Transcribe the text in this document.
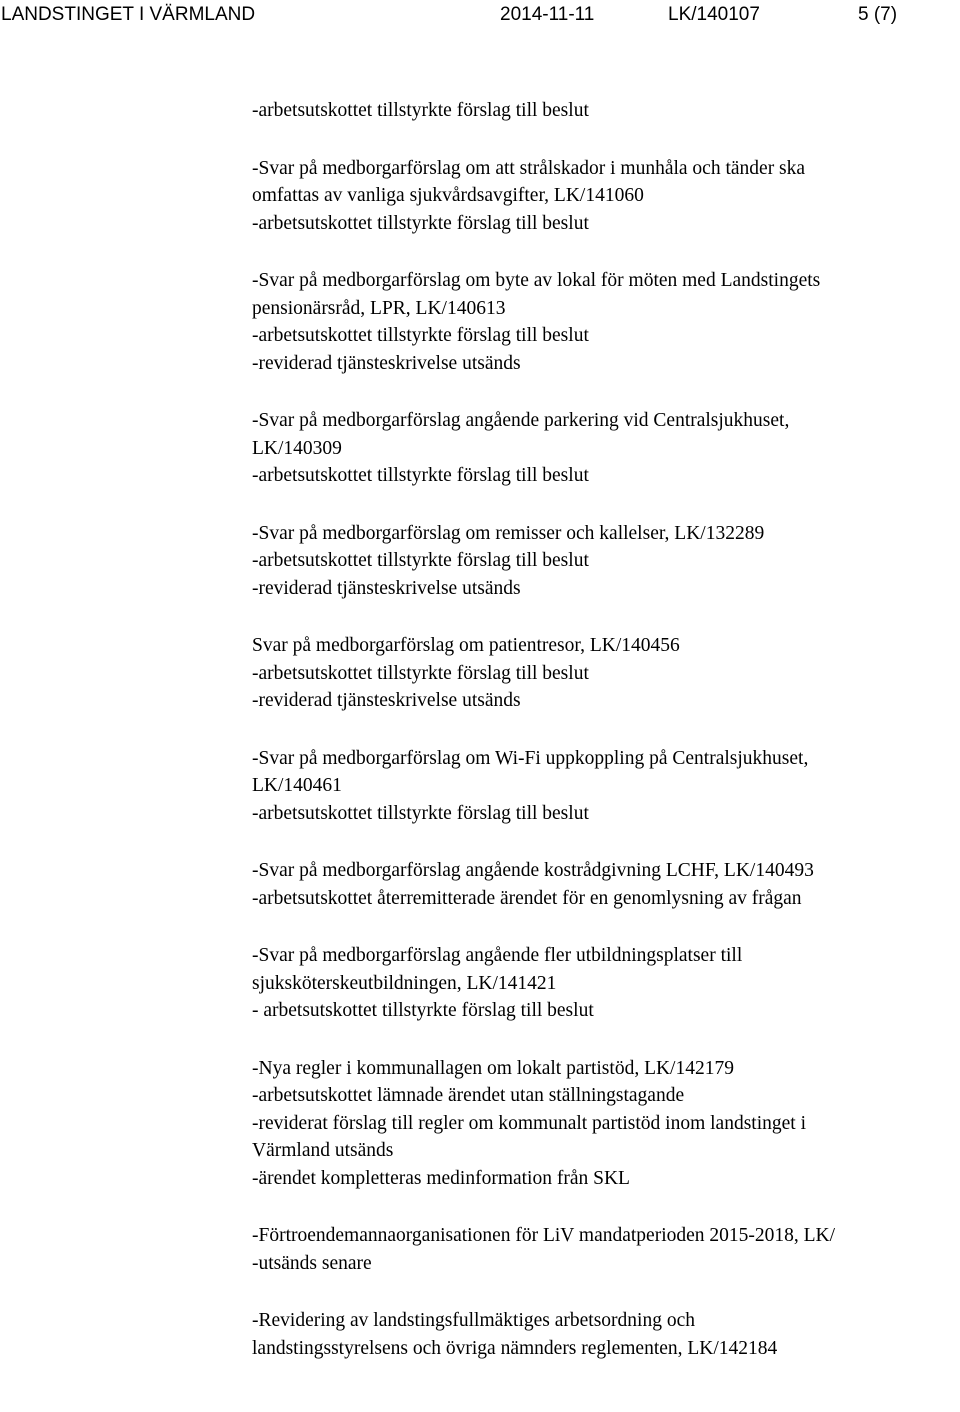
LANDSTINGET I VÄRMLAND	2014-11-11	LK/140107	5 (7)
-arbetsutskottet tillstyrkte förslag till beslut
-Svar på medborgarförslag om att strålskador i munhåla och tänder ska
omfattas av vanliga sjukvårdsavgifter, LK/141060
-arbetsutskottet tillstyrkte förslag till beslut
-Svar på medborgarförslag om byte av lokal för möten med Landstingets
pensionärsråd, LPR, LK/140613
-arbetsutskottet tillstyrkte förslag till beslut
-reviderad tjänsteskrivelse utsänds
-Svar på medborgarförslag angående parkering vid Centralsjukhuset,
LK/140309
-arbetsutskottet tillstyrkte förslag till beslut
-Svar på medborgarförslag om remisser och kallelser, LK/132289
-arbetsutskottet tillstyrkte förslag till beslut
-reviderad tjänsteskrivelse utsänds
Svar på medborgarförslag om patientresor, LK/140456
-arbetsutskottet tillstyrkte förslag till beslut
-reviderad tjänsteskrivelse utsänds
-Svar på medborgarförslag om Wi-Fi uppkoppling på Centralsjukhuset,
LK/140461
-arbetsutskottet tillstyrkte förslag till beslut
-Svar på medborgarförslag angående kostrådgivning LCHF, LK/140493
-arbetsutskottet återremitterade ärendet för en genomlysning av frågan
-Svar på medborgarförslag angående fler utbildningsplatser till
sjuksköterskeutbildningen, LK/141421
- arbetsutskottet tillstyrkte förslag till beslut
-Nya regler i kommunallagen om lokalt partistöd, LK/142179
-arbetsutskottet lämnade ärendet utan ställningstagande
-reviderat förslag till regler om kommunalt partistöd inom landstinget i
Värmland utsänds
-ärendet kompletteras medinformation från SKL
-Förtroendemannaorganisationen för LiV mandatperioden 2015-2018, LK/
-utsänds senare
-Revidering av landstingsfullmäktiges arbetsordning och
landstingsstyrelsens och övriga nämnders reglementen, LK/142184
